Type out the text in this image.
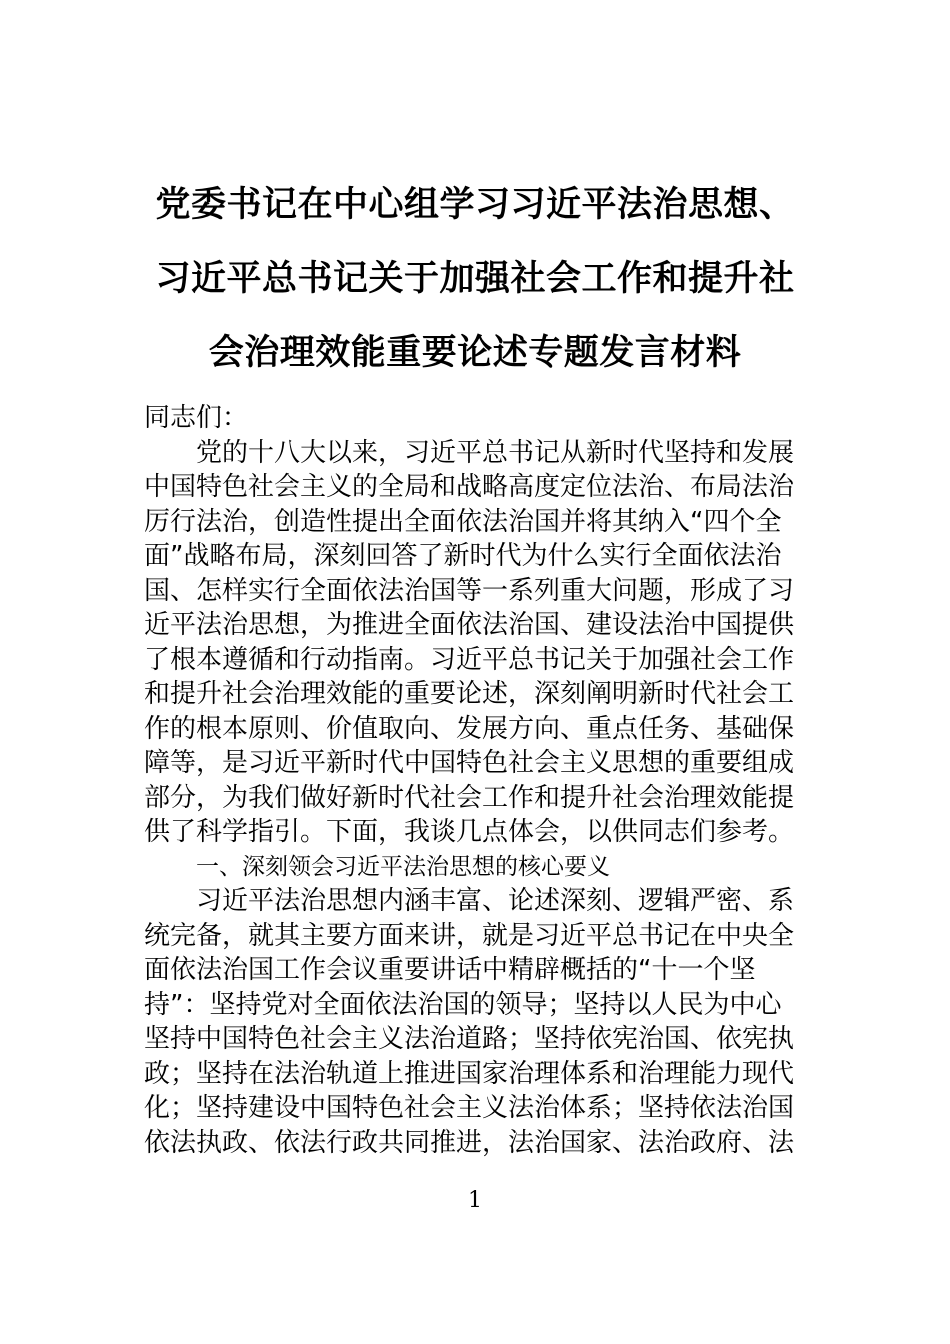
党委书记在中心组学习习近平法治思想、
习近平总书记关于加强社会工作和提升社
会治理效能重要论述专题发言材料
同志们：
党的十八大以来，习近平总书记从新时代坚持和发展
中国特色社会主义的全局和战略高度定位法治、布局法治
厉行法治，创造性提出全面依法治国并将其纳入“四个全
面”战略布局，深刻回答了新时代为什么实行全面依法治
国、怎样实行全面依法治国等一系列重大问题，形成了习
近平法治思想，为推进全面依法治国、建设法治中国提供
了根本遵循和行动指南。习近平总书记关于加强社会工作
和提升社会治理效能的重要论述，深刻阐明新时代社会工
作的根本原则、价值取向、发展方向、重点任务、基础保
障等，是习近平新时代中国特色社会主义思想的重要组成
部分，为我们做好新时代社会工作和提升社会治理效能提
供了科学指引。下面，我谈几点体会，以供同志们参考。
一、深刻领会习近平法治思想的核心要义
习近平法治思想内涵丰富、论述深刻、逻辑严密、系
统完备，就其主要方面来讲，就是习近平总书记在中央全
面依法治国工作会议重要讲话中精辟概括的“十一个坚
持”：坚持党对全面依法治国的领导；坚持以人民为中心
坚持中国特色社会主义法治道路；坚持依宪治国、依宪执
政；坚持在法治轨道上推进国家治理体系和治理能力现代
化；坚持建设中国特色社会主义法治体系；坚持依法治国
依法执政、依法行政共同推进，法治国家、法治政府、法
1
